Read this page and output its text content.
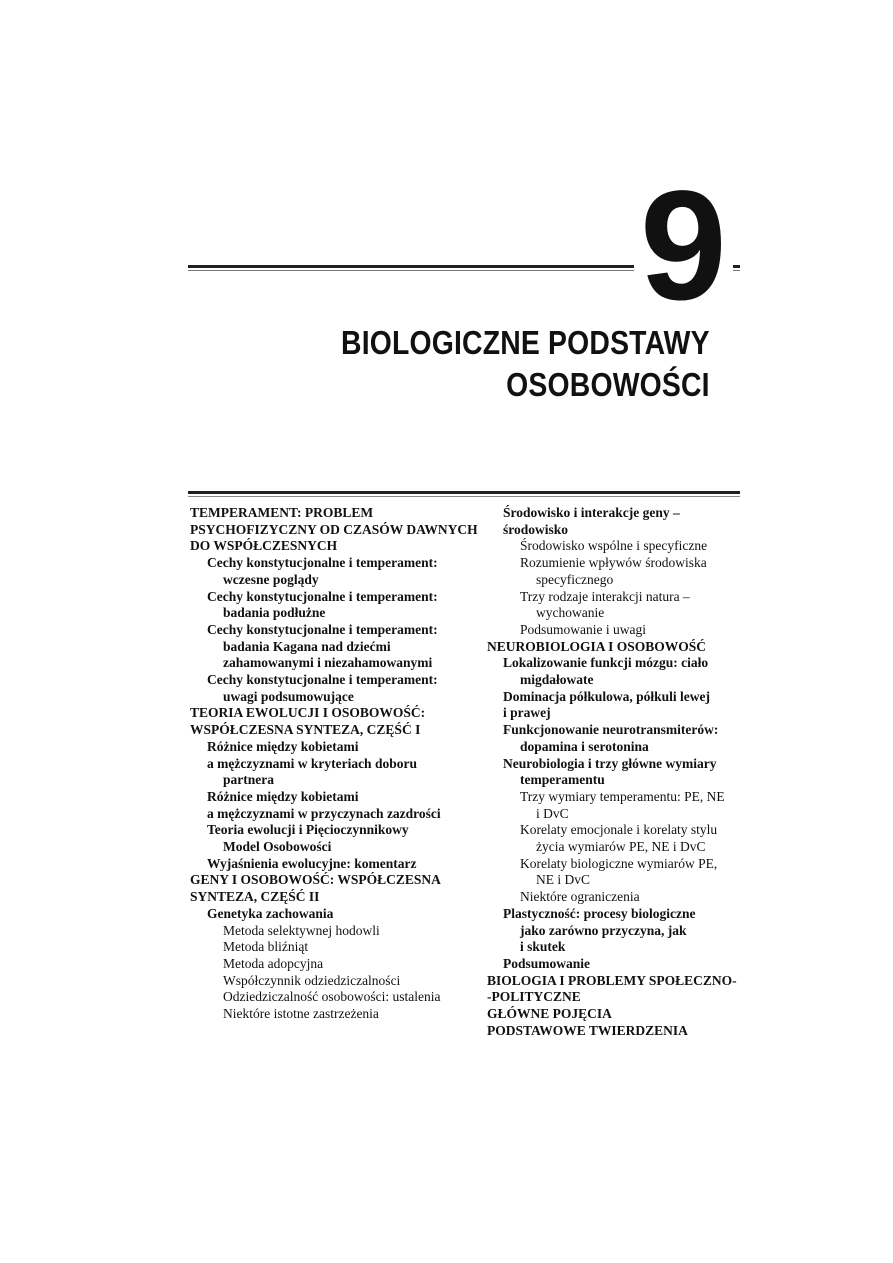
9
BIOLOGICZNE PODSTAWY
OSOBOWOŚCI
TEMPERAMENT: PROBLEM
PSYCHOFIZYCZNY OD CZASÓW DAWNYCH
DO WSPÓŁCZESNYCH
Cechy konstytucjonalne i temperament:
wczesne poglądy
Cechy konstytucjonalne i temperament:
badania podłużne
Cechy konstytucjonalne i temperament:
badania Kagana nad dziećmi
zahamowanymi i niezahamowanymi
Cechy konstytucjonalne i temperament:
uwagi podsumowujące
TEORIA EWOLUCJI I OSOBOWOŚĆ:
WSPÓŁCZESNA SYNTEZA, CZĘŚĆ I
Różnice między kobietami
a mężczyznami w kryteriach doboru
partnera
Różnice między kobietami
a mężczyznami w przyczynach zazdrości
Teoria ewolucji i Pięcioczynnikowy
Model Osobowości
Wyjaśnienia ewolucyjne: komentarz
GENY I OSOBOWOŚĆ: WSPÓŁCZESNA
SYNTEZA, CZĘŚĆ II
Genetyka zachowania
Metoda selektywnej hodowli
Metoda bliźniąt
Metoda adopcyjna
Współczynnik odziedziczalności
Odziedziczalność osobowości: ustalenia
Niektóre istotne zastrzeżenia
Środowisko i interakcje geny –
środowisko
Środowisko wspólne i specyficzne
Rozumienie wpływów środowiska
specyficznego
Trzy rodzaje interakcji natura –
wychowanie
Podsumowanie i uwagi
NEUROBIOLOGIA I OSOBOWOŚĆ
Lokalizowanie funkcji mózgu: ciało
migdałowate
Dominacja półkulowa, półkuli lewej
i prawej
Funkcjonowanie neurotransmiterów:
dopamina i serotonina
Neurobiologia i trzy główne wymiary
temperamentu
Trzy wymiary temperamentu: PE, NE
i DvC
Korelaty emocjonale i korelaty stylu
życia wymiarów PE, NE i DvC
Korelaty biologiczne wymiarów PE,
NE i DvC
Niektóre ograniczenia
Plastyczność: procesy biologiczne
jako zarówno przyczyna, jak
i skutek
Podsumowanie
BIOLOGIA I PROBLEMY SPOŁECZNO-
-POLITYCZNE
GŁÓWNE POJĘCIA
PODSTAWOWE TWIERDZENIA
